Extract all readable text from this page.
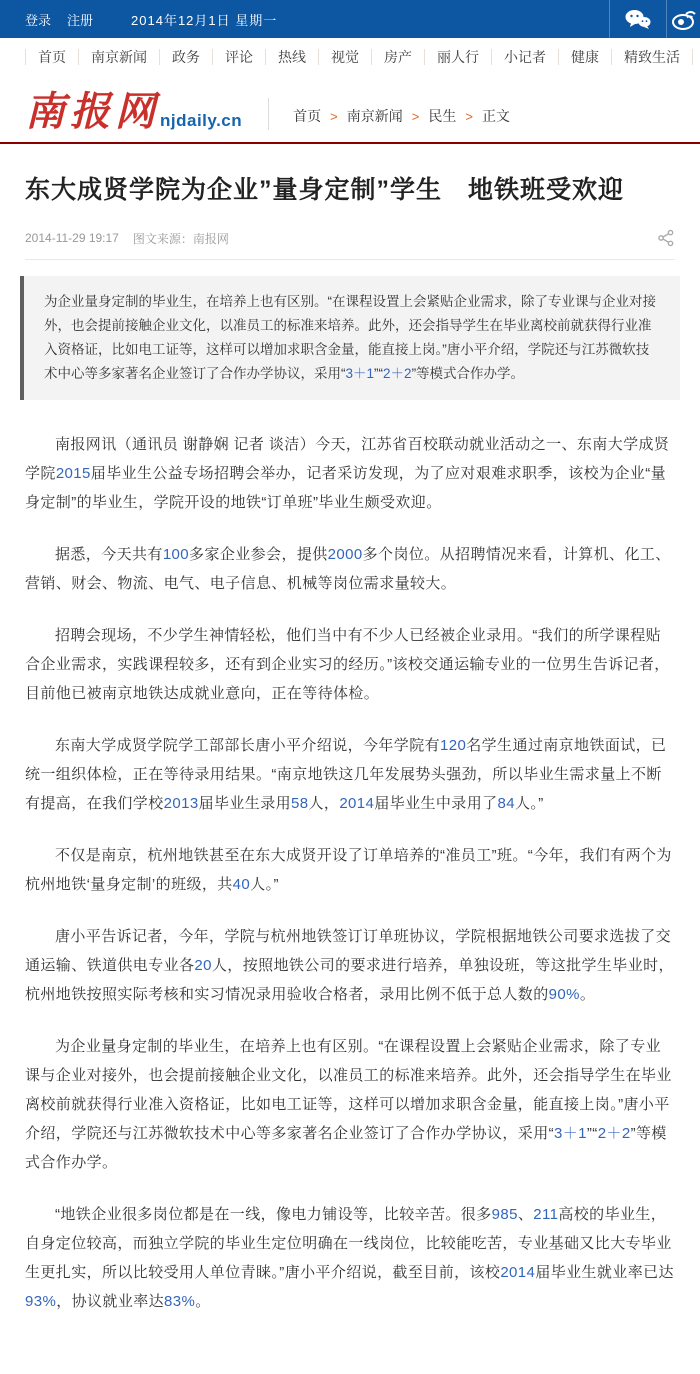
登录 注册	2014年12月1日 星期一
首页	南京新闻	政务	评论	热线	视觉	房产	丽人行	小记者	健康	精致生活
南报网 njdaily.cn	首页 > 南京新闻 > 民生 > 正文
东大成贤学院为企业”量身定制”学生　地铁班受欢迎
2014-11-29 19:17 图文来源：南报网
为企业量身定制的毕业生，在培养上也有区别。“在课程设置上会紧贴企业需求，除了专业课与企业对接外，也会提前接触企业文化，以准员工的标准来培养。此外，还会指导学生在毕业离校前就获得行业准入资格证，比如电工证等，这样可以增加求职含金量，能直接上岗。”唐小平介绍，学院还与江苏微软技术中心等多家著名企业签订了合作办学协议，采用“3＋1”“2＋2”等模式合作办学。

南报网讯（通讯员 谢静娴 记者 谈洁）今天，江苏省百校联动就业活动之一、东南大学成贤学院2015届毕业生公益专场招聘会举办，记者采访发现，为了应对艰难求职季，该校为企业“量身定制”的毕业生，学院开设的地铁“订单班”毕业生颇受欢迎。

据悉，今天共有100多家企业参会，提供2000多个岗位。从招聘情况来看，计算机、化工、营销、财会、物流、电气、电子信息、机械等岗位需求量较大。

招聘会现场，不少学生神情轻松，他们当中有不少人已经被企业录用。“我们的所学课程贴合企业需求，实践课程较多，还有到企业实习的经历。”该校交通运输专业的一位男生告诉记者，目前他已被南京地铁达成就业意向，正在等待体检。

东南大学成贤学院学工部部长唐小平介绍说，今年学院有120名学生通过南京地铁面试，已统一组织体检，正在等待录用结果。“南京地铁这几年发展势头强劲，所以毕业生需求量上不断有提高，在我们学校2013届毕业生录用58人，2014届毕业生中录用了84人。”

不仅是南京，杭州地铁甚至在东大成贤开设了订单培养的“准员工”班。“今年，我们有两个为杭州地铁‘量身定制’的班级，共40人。”

唐小平告诉记者，今年，学院与杭州地铁签订订单班协议，学院根据地铁公司要求选拔了交通运输、铁道供电专业各20人，按照地铁公司的要求进行培养，单独设班，等这批学生毕业时，杭州地铁按照实际考核和实习情况录用验收合格者，录用比例不低于总人数的90%。

为企业量身定制的毕业生，在培养上也有区别。“在课程设置上会紧贴企业需求，除了专业课与企业对接外，也会提前接触企业文化，以准员工的标准来培养。此外，还会指导学生在毕业离校前就获得行业准入资格证，比如电工证等，这样可以增加求职含金量，能直接上岗。”唐小平介绍，学院还与江苏微软技术中心等多家著名企业签订了合作办学协议，采用“3＋1”“2＋2”等模式合作办学。

“地铁企业很多岗位都是在一线，像电力铺设等，比较辛苦。很多985、211高校的毕业生，自身定位较高，而独立学院的毕业生定位明确在一线岗位，比较能吃苦，专业基础又比大专毕业生更扎实，所以比较受用人单位青睐。”唐小平介绍说，截至目前，该校2014届毕业生就业率已达93%，协议就业率达83%。
